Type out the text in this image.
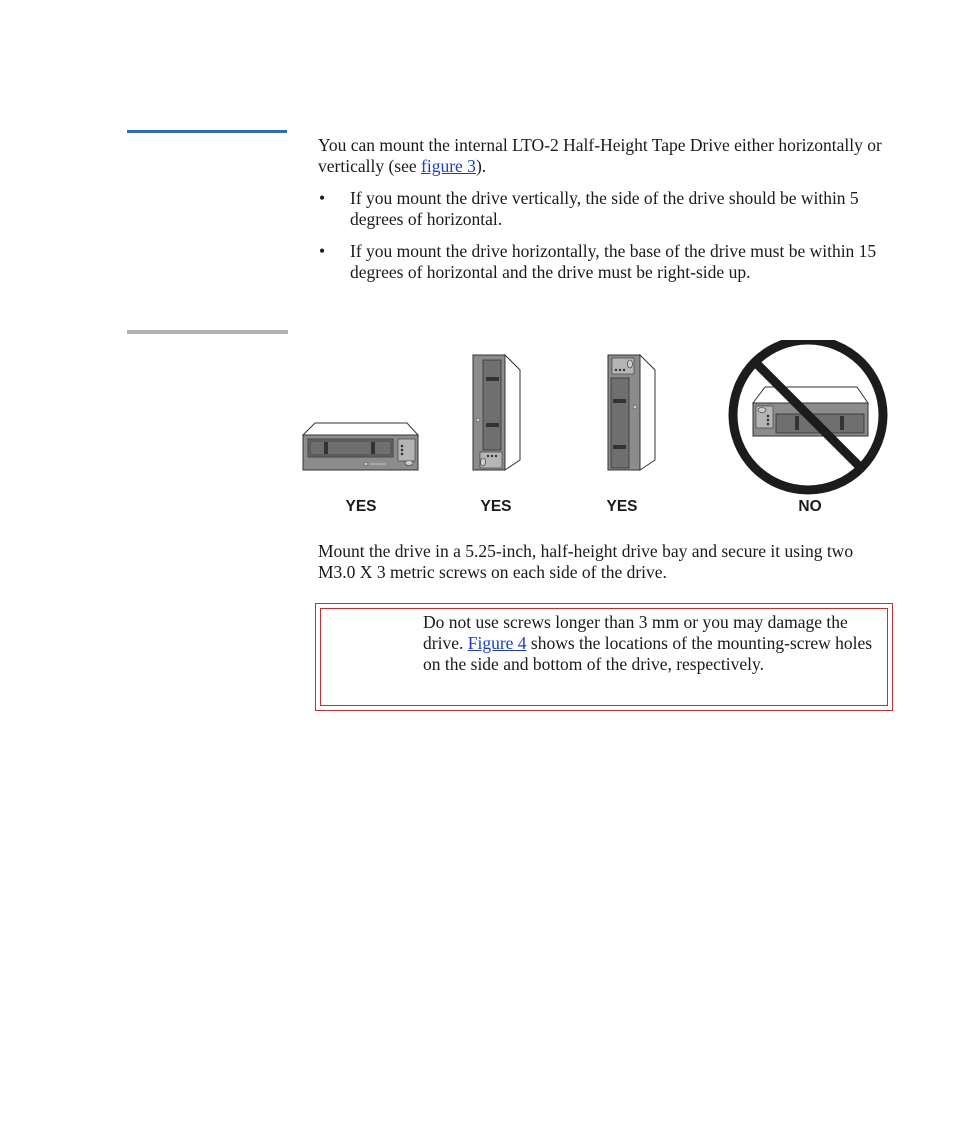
You can mount the internal LTO-2 Half-Height Tape Drive either horizontally or vertically (see figure 3).

• If you mount the drive vertically, the side of the drive should be within 5 degrees of horizontal.
• If you mount the drive horizontally, the base of the drive must be within 15 degrees of horizontal and the drive must be right-side up.
YES	YES	YES	NO

Mount the drive in a 5.25-inch, half-height drive bay and secure it using two M3.0 X 3 metric screws on each side of the drive.

Do not use screws longer than 3 mm or you may damage the drive. Figure 4 shows the locations of the mounting-screw holes on the side and bottom of the drive, respectively.
